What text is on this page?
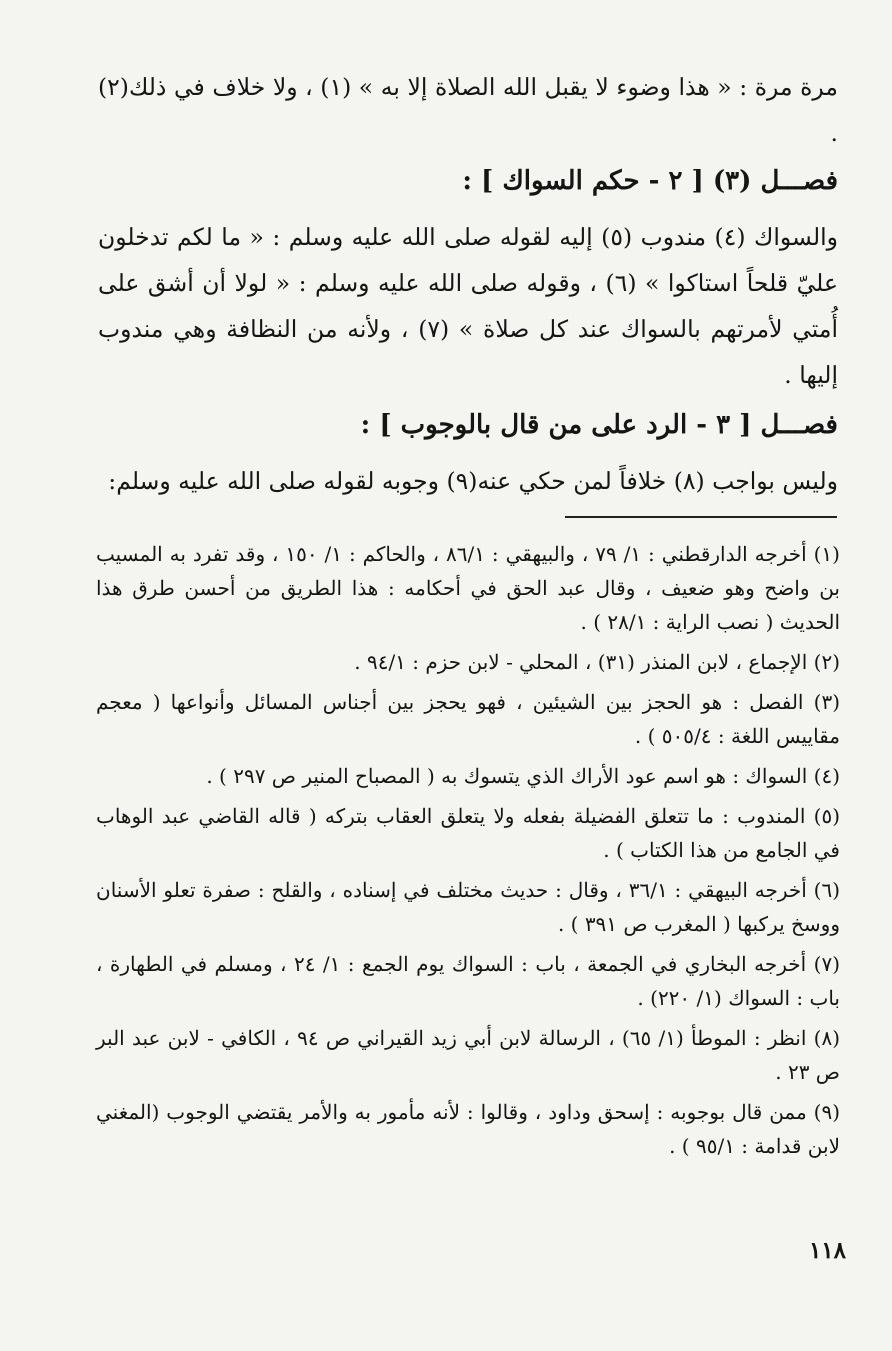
مرة مرة : « هذا وضوء لا يقبل الله الصلاة إلا به » (١) ، ولا خلاف في ذلك(٢) .
فصـــل (٣) [ ٢ - حكم السواك ] :
والسواك (٤) مندوب (٥) إليه لقوله صلى الله عليه وسلم : « ما لكم تدخلون عليّ قلحاً استاكوا » (٦) ، وقوله صلى الله عليه وسلم : « لولا أن أشق على أُمتي لأمرتهم بالسواك عند كل صلاة » (٧) ، ولأنه من النظافة وهي مندوب إليها .
فصـــل [ ٣ - الرد على من قال بالوجوب ] :
وليس بواجب (٨) خلافاً لمن حكي عنه(٩) وجوبه لقوله صلى الله عليه وسلم:

(١) أخرجه الدارقطني : ١/ ٧٩ ، والبيهقي : ٨٦/١ ، والحاكم : ١/ ١٥٠ ، وقد تفرد به المسيب بن واضح وهو ضعيف ، وقال عبد الحق في أحكامه : هذا الطريق من أحسن طرق هذا الحديث ( نصب الراية : ٢٨/١ ) .

(٢) الإجماع ، لابن المنذر (٣١) ، المحلي - لابن حزم : ٩٤/١ .

(٣) الفصل : هو الحجز بين الشيئين ، فهو يحجز بين أجناس المسائل وأنواعها ( معجم مقاييس اللغة : ٥٠٥/٤ ) .

(٤) السواك : هو اسم عود الأراك الذي يتسوك به ( المصباح المنير ص ٢٩٧ ) .

(٥) المندوب : ما تتعلق الفضيلة بفعله ولا يتعلق العقاب بتركه ( قاله القاضي عبد الوهاب في الجامع من هذا الكتاب ) .

(٦) أخرجه البيهقي : ٣٦/١ ، وقال : حديث مختلف في إسناده ، والقلح : صفرة تعلو الأسنان ووسخ يركبها ( المغرب ص ٣٩١ ) .

(٧) أخرجه البخاري في الجمعة ، باب : السواك يوم الجمع : ١/ ٢٤ ، ومسلم في الطهارة ، باب : السواك (١/ ٢٢٠) .

(٨) انظر : الموطأ (١/ ٦٥) ، الرسالة لابن أبي زيد القيراني ص ٩٤ ، الكافي - لابن عبد البر ص ٢٣ .

(٩) ممن قال بوجوبه : إسحق وداود ، وقالوا : لأنه مأمور به والأمر يقتضي الوجوب (المغني لابن قدامة : ٩٥/١ ) .

١١٨
